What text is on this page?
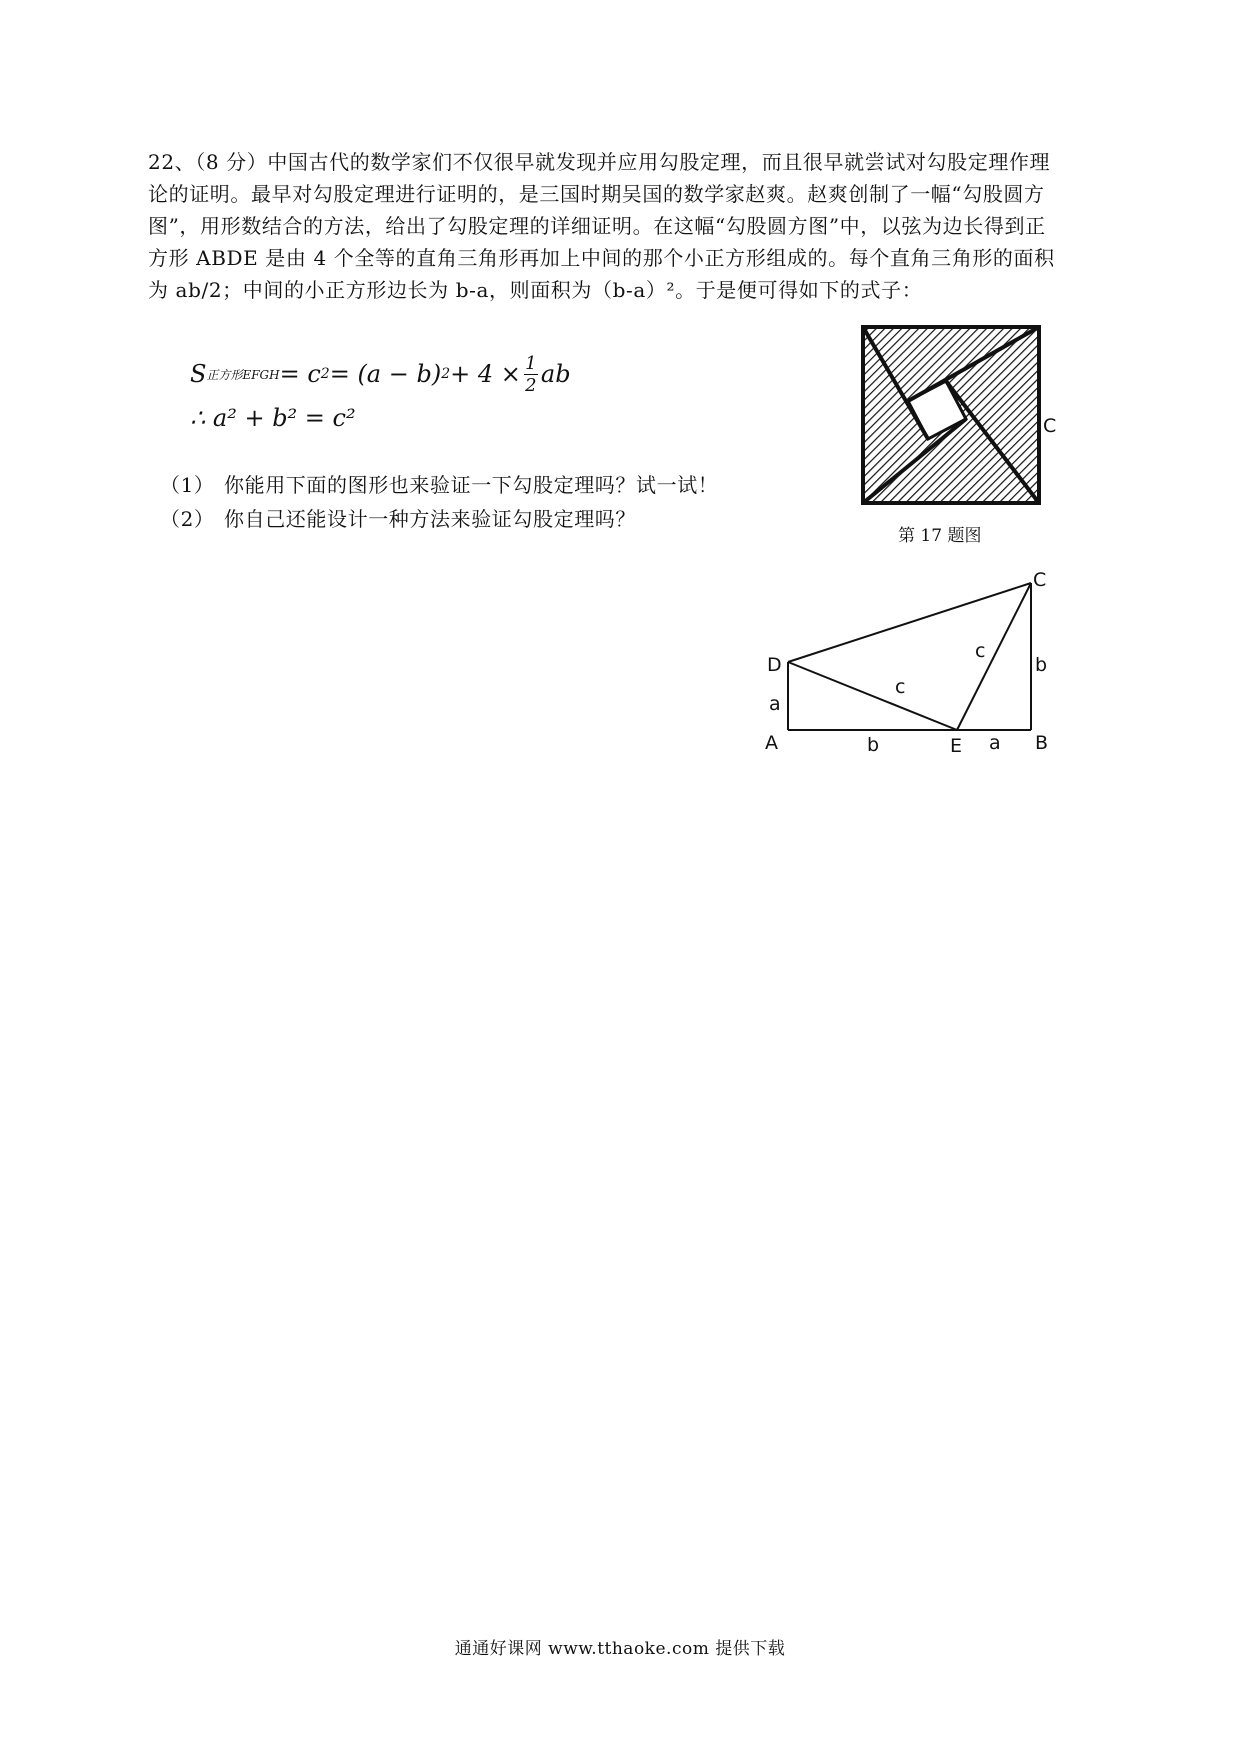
22、（8 分）中国古代的数学家们不仅很早就发现并应用勾股定理，而且很早就尝试对勾股定理作理

论的证明。最早对勾股定理进行证明的，是三国时期吴国的数学家赵爽。赵爽创制了一幅“勾股圆方

图”，用形数结合的方法，给出了勾股定理的详细证明。在这幅“勾股圆方图”中，以弦为边长得到正

方形 ABDE 是由 4 个全等的直角三角形再加上中间的那个小正方形组成的。每个直角三角形的面积

为 ab/2；中间的小正方形边长为 b-a，则面积为（b-a）²。于是便可得如下的式子：

S 正方形EFGH = c 2 = (a − b) $2 + 4 \times \frac{1}{2}$ ab
∴ a² + b² = c²
（1） 你能用下面的图形也来验证一下勾股定理吗？试一试！
（2） 你自己还能设计一种方法来验证勾股定理吗？
C
第 17 题图
A	B
C
D
E
a
b	a
b
c
c
通通好课网 www.tthaoke.com 提供下载
